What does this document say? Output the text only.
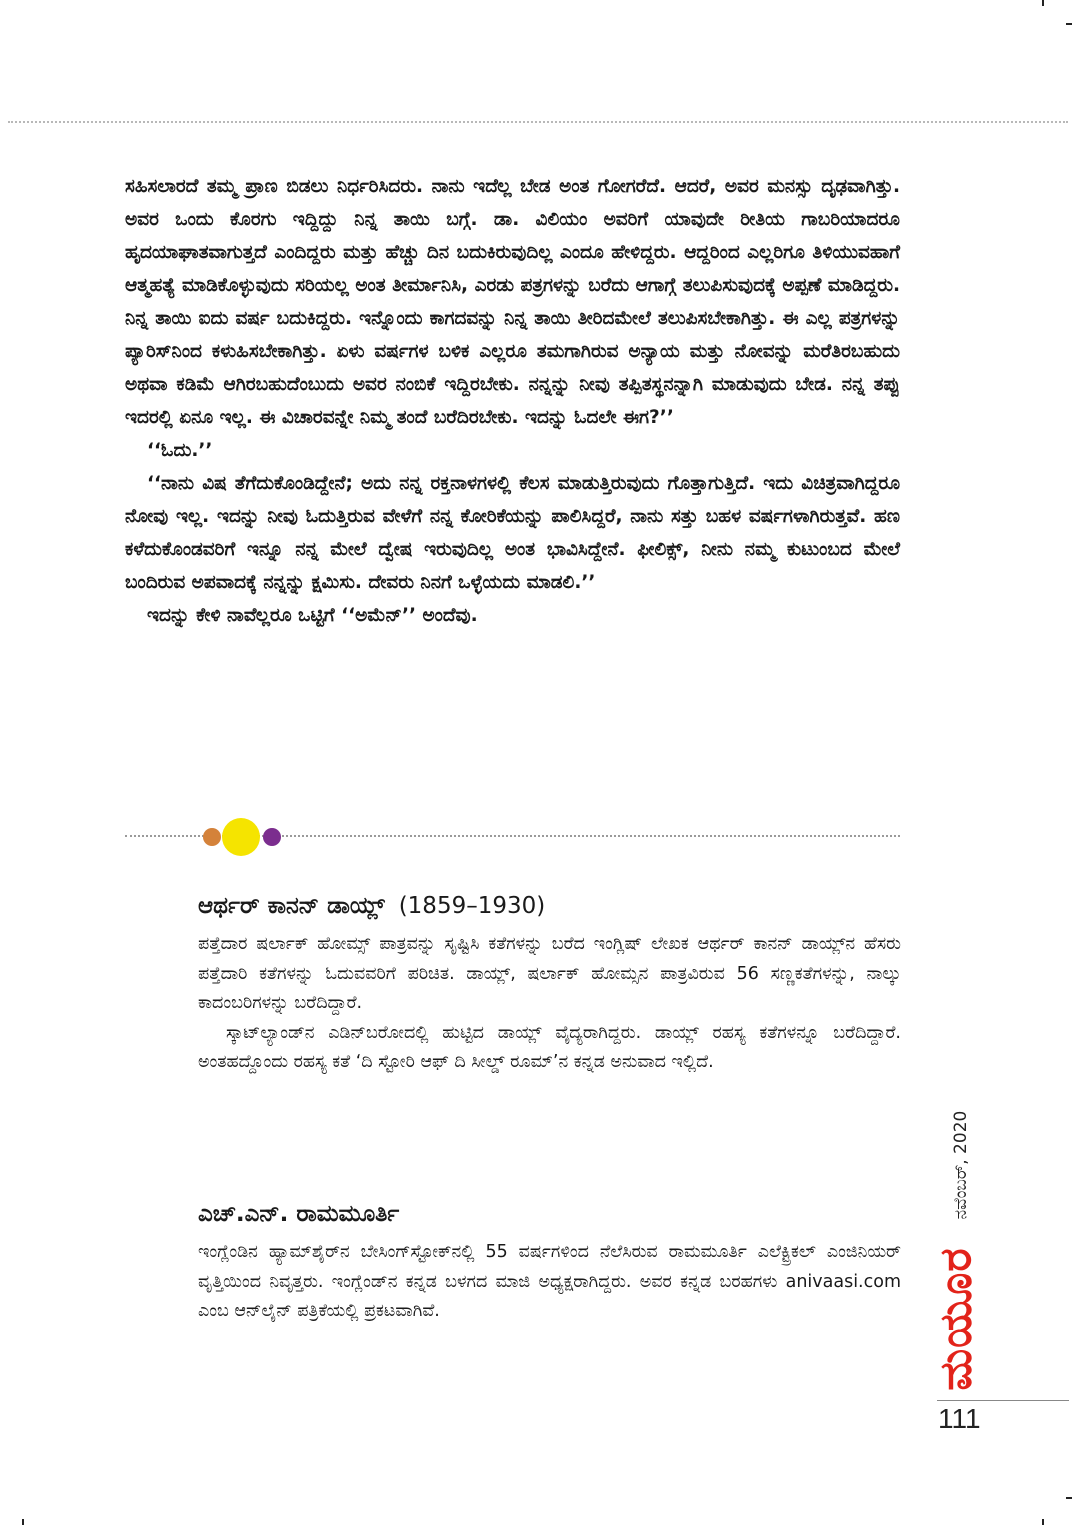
ಸಹಿಸಲಾರದೆ ತಮ್ಮ ಪ್ರಾಣ ಬಿಡಲು ನಿರ್ಧರಿಸಿದರು. ನಾನು ಇದೆಲ್ಲ ಬೇಡ ಅಂತ ಗೋಗರೆದೆ. ಆದರೆ, ಅವರ ಮನಸ್ಸು ದೃಢವಾಗಿತ್ತು. ಅವರ ಒಂದು ಕೊರಗು ಇದ್ದಿದ್ದು ನಿನ್ನ ತಾಯಿ ಬಗ್ಗೆ. ಡಾ. ವಿಲಿಯಂ ಅವರಿಗೆ ಯಾವುದೇ ರೀತಿಯ ಗಾಬರಿಯಾದರೂ ಹೃದಯಾಘಾತವಾಗುತ್ತದೆ ಎಂದಿದ್ದರು ಮತ್ತು ಹೆಚ್ಚು ದಿನ ಬದುಕಿರುವುದಿಲ್ಲ ಎಂದೂ ಹೇಳಿದ್ದರು. ಆದ್ದರಿಂದ ಎಲ್ಲರಿಗೂ ತಿಳಿಯುವಹಾಗೆ ಆತ್ಮಹತ್ಯೆ ಮಾಡಿಕೊಳ್ಳುವುದು ಸರಿಯಲ್ಲ ಅಂತ ತೀರ್ಮಾನಿಸಿ, ಎರಡು ಪತ್ರಗಳನ್ನು ಬರೆದು ಆಗಾಗ್ಗೆ ತಲುಪಿಸುವುದಕ್ಕೆ ಅಪ್ಪಣೆ ಮಾಡಿದ್ದರು. ನಿನ್ನ ತಾಯಿ ಐದು ವರ್ಷ ಬದುಕಿದ್ದರು. ಇನ್ನೊಂದು ಕಾಗದವನ್ನು ನಿನ್ನ ತಾಯಿ ತೀರಿದಮೇಲೆ ತಲುಪಿಸಬೇಕಾಗಿತ್ತು. ಈ ಎಲ್ಲ ಪತ್ರಗಳನ್ನು ಪ್ಯಾರಿಸ್‌ನಿಂದ ಕಳುಹಿಸಬೇಕಾಗಿತ್ತು. ಏಳು ವರ್ಷಗಳ ಬಳಿಕ ಎಲ್ಲರೂ ತಮಗಾಗಿರುವ ಅನ್ಯಾಯ ಮತ್ತು ನೋವನ್ನು ಮರೆತಿರಬಹುದು ಅಥವಾ ಕಡಿಮೆ ಆಗಿರಬಹುದೆಂಬುದು ಅವರ ನಂಬಿಕೆ ಇದ್ದಿರಬೇಕು. ನನ್ನನ್ನು ನೀವು ತಪ್ಪಿತಸ್ಥನನ್ನಾಗಿ ಮಾಡುವುದು ಬೇಡ. ನನ್ನ ತಪ್ಪು ಇದರಲ್ಲಿ ಏನೂ ಇಲ್ಲ. ಈ ವಿಚಾರವನ್ನೇ ನಿಮ್ಮ ತಂದೆ ಬರೆದಿರಬೇಕು. ಇದನ್ನು ಓದಲೇ ಈಗ?’’

‘‘ಓದು.’’

‘‘ನಾನು ವಿಷ ತೆಗೆದುಕೊಂಡಿದ್ದೇನೆ; ಅದು ನನ್ನ ರಕ್ತನಾಳಗಳಲ್ಲಿ ಕೆಲಸ ಮಾಡುತ್ತಿರುವುದು ಗೊತ್ತಾಗುತ್ತಿದೆ. ಇದು ವಿಚಿತ್ರವಾಗಿದ್ದರೂ ನೋವು ಇಲ್ಲ. ಇದನ್ನು ನೀವು ಓದುತ್ತಿರುವ ವೇಳೆಗೆ ನನ್ನ ಕೋರಿಕೆಯನ್ನು ಪಾಲಿಸಿದ್ದರೆ, ನಾನು ಸತ್ತು ಬಹಳ ವರ್ಷಗಳಾಗಿರುತ್ತವೆ. ಹಣ ಕಳೆದುಕೊಂಡವರಿಗೆ ಇನ್ನೂ ನನ್ನ ಮೇಲೆ ದ್ವೇಷ ಇರುವುದಿಲ್ಲ ಅಂತ ಭಾವಿಸಿದ್ದೇನೆ. ಫೀಲಿಕ್ಸ್, ನೀನು ನಮ್ಮ ಕುಟುಂಬದ ಮೇಲೆ ಬಂದಿರುವ ಅಪವಾದಕ್ಕೆ ನನ್ನನ್ನು ಕ್ಷಮಿಸು. ದೇವರು ನಿನಗೆ ಒಳ್ಳೆಯದು ಮಾಡಲಿ.’’

ಇದನ್ನು ಕೇಳಿ ನಾವೆಲ್ಲರೂ ಒಟ್ಟಿಗೆ ‘‘ಅಮೆನ್’’ ಅಂದೆವು.

ಆರ್ಥರ್ ಕಾನನ್ ಡಾಯ್ಲ್ (1859–1930)

ಪತ್ತೆದಾರ ಷರ್ಲಾಕ್ ಹೋಮ್ಸ್ ಪಾತ್ರವನ್ನು ಸೃಷ್ಟಿಸಿ ಕತೆಗಳನ್ನು ಬರೆದ ಇಂಗ್ಲಿಷ್ ಲೇಖಕ ಆರ್ಥರ್ ಕಾನನ್ ಡಾಯ್ಲ್‌ನ ಹೆಸರು ಪತ್ತೆದಾರಿ ಕತೆಗಳನ್ನು ಓದುವವರಿಗೆ ಪರಿಚಿತ. ಡಾಯ್ಲ್, ಷರ್ಲಾಕ್ ಹೋಮ್ಸನ ಪಾತ್ರವಿರುವ 56 ಸಣ್ಣಕತೆಗಳನ್ನು, ನಾಲ್ಕು ಕಾದಂಬರಿಗಳನ್ನು ಬರೆದಿದ್ದಾರೆ.

ಸ್ಕಾಟ್‌ಲ್ಯಾಂಡ್‌ನ ಎಡಿನ್‌ಬರೋದಲ್ಲಿ ಹುಟ್ಟಿದ ಡಾಯ್ಲ್ ವೈದ್ಯರಾಗಿದ್ದರು. ಡಾಯ್ಲ್ ರಹಸ್ಯ ಕತೆಗಳನ್ನೂ ಬರೆದಿದ್ದಾರೆ. ಅಂತಹದ್ದೊಂದು ರಹಸ್ಯ ಕತೆ ‘ದಿ ಸ್ಟೋರಿ ಆಫ್ ದಿ ಸೀಲ್ಡ್ ರೂಮ್’ನ ಕನ್ನಡ ಅನುವಾದ ಇಲ್ಲಿದೆ.

ಎಚ್.ಎನ್. ರಾಮಮೂರ್ತಿ

ಇಂಗ್ಲೆಂಡಿನ ಹ್ಯಾಮ್‌ಶೈರ್‌ನ ಬೇಸಿಂಗ್‌ಸ್ಟೋಕ್‌ನಲ್ಲಿ 55 ವರ್ಷಗಳಿಂದ ನೆಲೆಸಿರುವ ರಾಮಮೂರ್ತಿ ಎಲೆಕ್ಟ್ರಿಕಲ್ ಎಂಜಿನಿಯರ್ ವೃತ್ತಿಯಿಂದ ನಿವೃತ್ತರು. ಇಂಗ್ಲೆಂಡ್‌ನ ಕನ್ನಡ ಬಳಗದ ಮಾಜಿ ಅಧ್ಯಕ್ಷರಾಗಿದ್ದರು. ಅವರ ಕನ್ನಡ ಬರಹಗಳು anivaasi.com ಎಂಬ ಆನ್‌ಲೈನ್ ಪತ್ರಿಕೆಯಲ್ಲಿ ಪ್ರಕಟವಾಗಿವೆ.

ನವೆಂಬರ್, 2020
ಮಯೂರ
111
